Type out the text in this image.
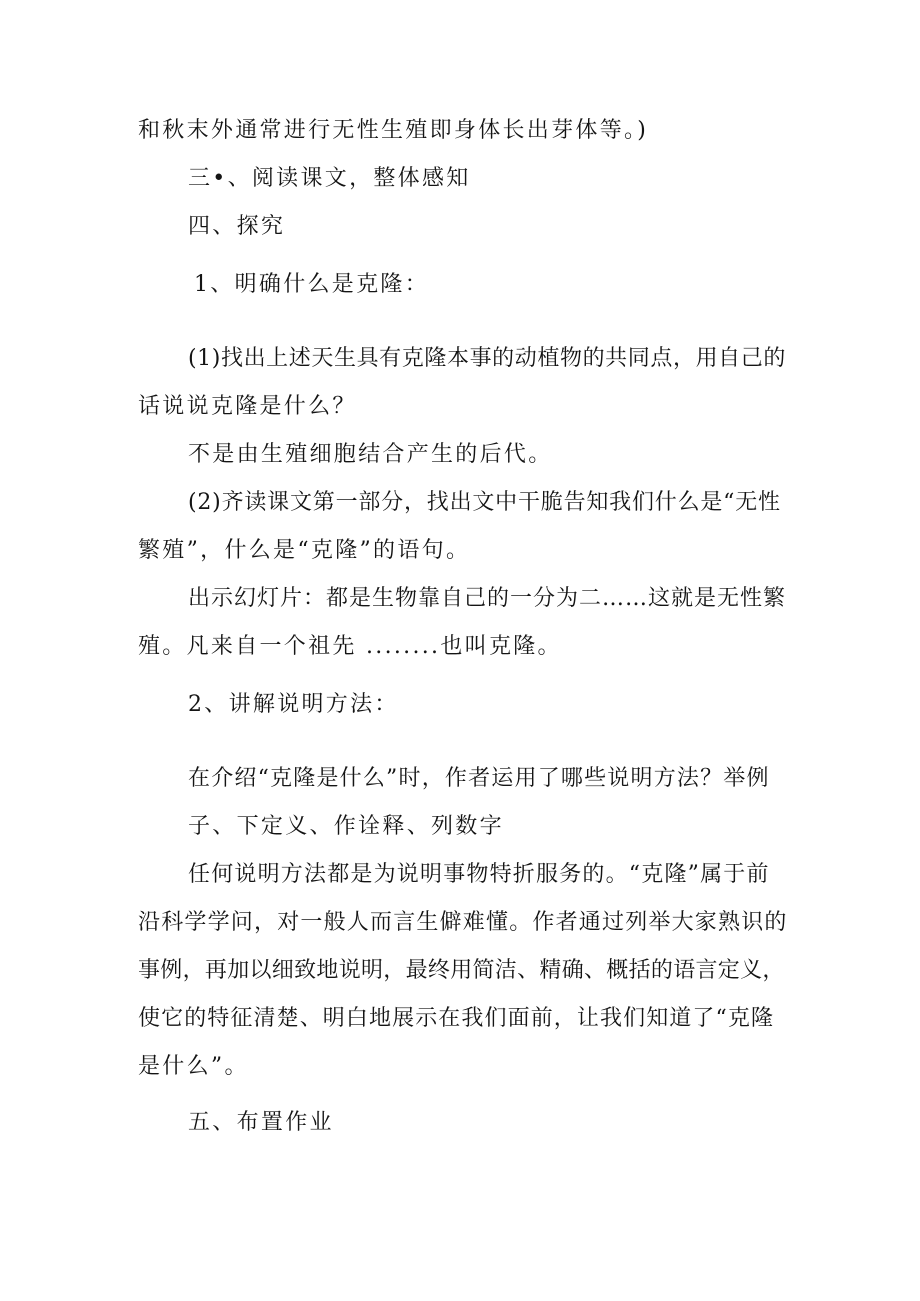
和秋末外通常进行无性生殖即身体长出芽体等。)

三•、阅读课文，整体感知

四、探究

1、明确什么是克隆：

(1)找出上述天生具有克隆本事的动植物的共同点，用自己的

话说说克隆是什么？

不是由生殖细胞结合产生的后代。

(2)齐读课文第一部分，找出文中干脆告知我们什么是“无性

繁殖”，什么是“克隆”的语句。

出示幻灯片：都是生物靠自己的一分为二……这就是无性繁

殖。凡来自一个祖先 ........也叫克隆。

2、讲解说明方法：

在介绍“克隆是什么”时，作者运用了哪些说明方法？举例

子、下定义、作诠释、列数字

任何说明方法都是为说明事物特折服务的。“克隆”属于前

沿科学学问，对一般人而言生僻难懂。作者通过列举大家熟识的

事例，再加以细致地说明，最终用简洁、精确、概括的语言定义，

使它的特征清楚、明白地展示在我们面前，让我们知道了“克隆

是什么”。

五、布置作业
